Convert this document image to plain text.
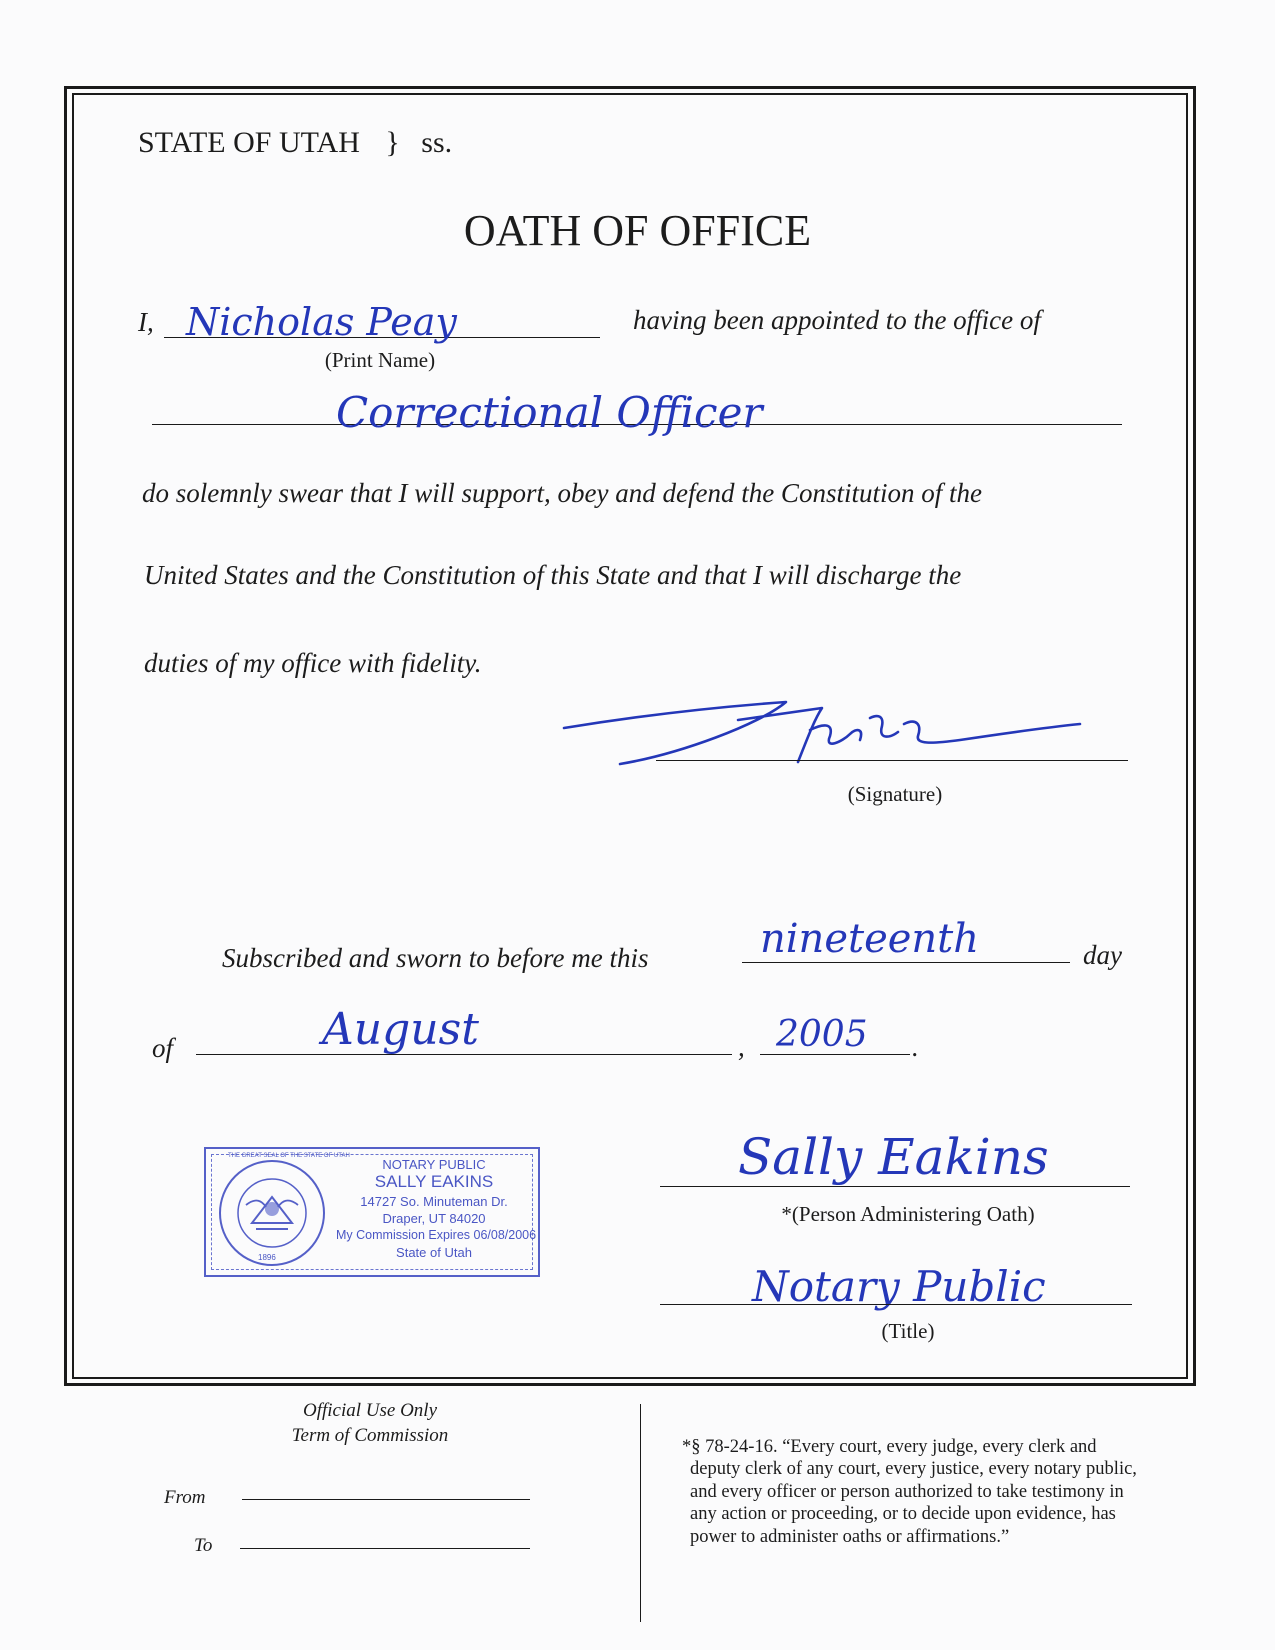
STATE OF UTAH } ss.
OATH OF OFFICE
I, Nicholas Peay
(Print Name)
having been appointed to the office of
Correctional Officer
do solemnly swear that I will support, obey and defend the Constitution of the
United States and the Constitution of this State and that I will discharge the
duties of my office with fidelity.
(Signature)
Subscribed and sworn to before me this	nineteenth	day
of	August	, 2005 .
1896
NOTARY PUBLIC
SALLY EAKINS
14727 So. Minuteman Dr.
Draper, UT 84020
My Commission Expires 06/08/2006
State of Utah
THE GREAT SEAL OF THE STATE OF UTAH	Sally Eakins
*(Person Administering Oath)
Notary Public
(Title)
Official Use Only
Term of Commission
From
To
*§ 78-24-16. “Every court, every judge, every clerk and
deputy clerk of any court, every justice, every notary public,
and every officer or person authorized to take testimony in
any action or proceeding, or to decide upon evidence, has
power to administer oaths or affirmations.”
